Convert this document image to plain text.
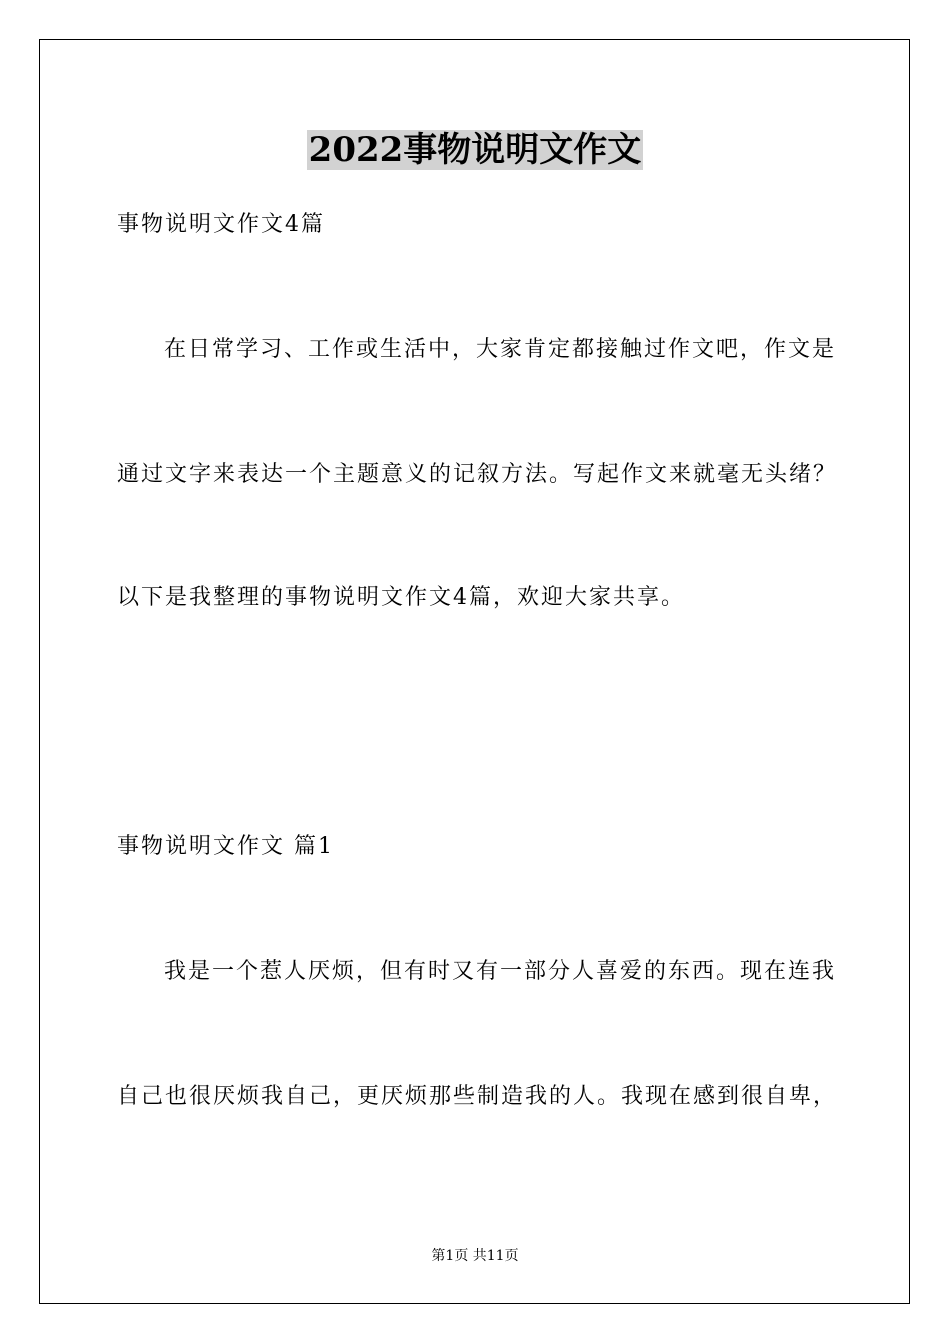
2022事物说明文作文
事物说明文作文4篇
在日常学习、工作或生活中，大家肯定都接触过作文吧，作文是
通过文字来表达一个主题意义的记叙方法。写起作文来就毫无头绪？
以下是我整理的事物说明文作文4篇，欢迎大家共享。
事物说明文作文 篇1
我是一个惹人厌烦，但有时又有一部分人喜爱的东西。现在连我
自己也很厌烦我自己，更厌烦那些制造我的人。我现在感到很自卑，
第1页 共11页
